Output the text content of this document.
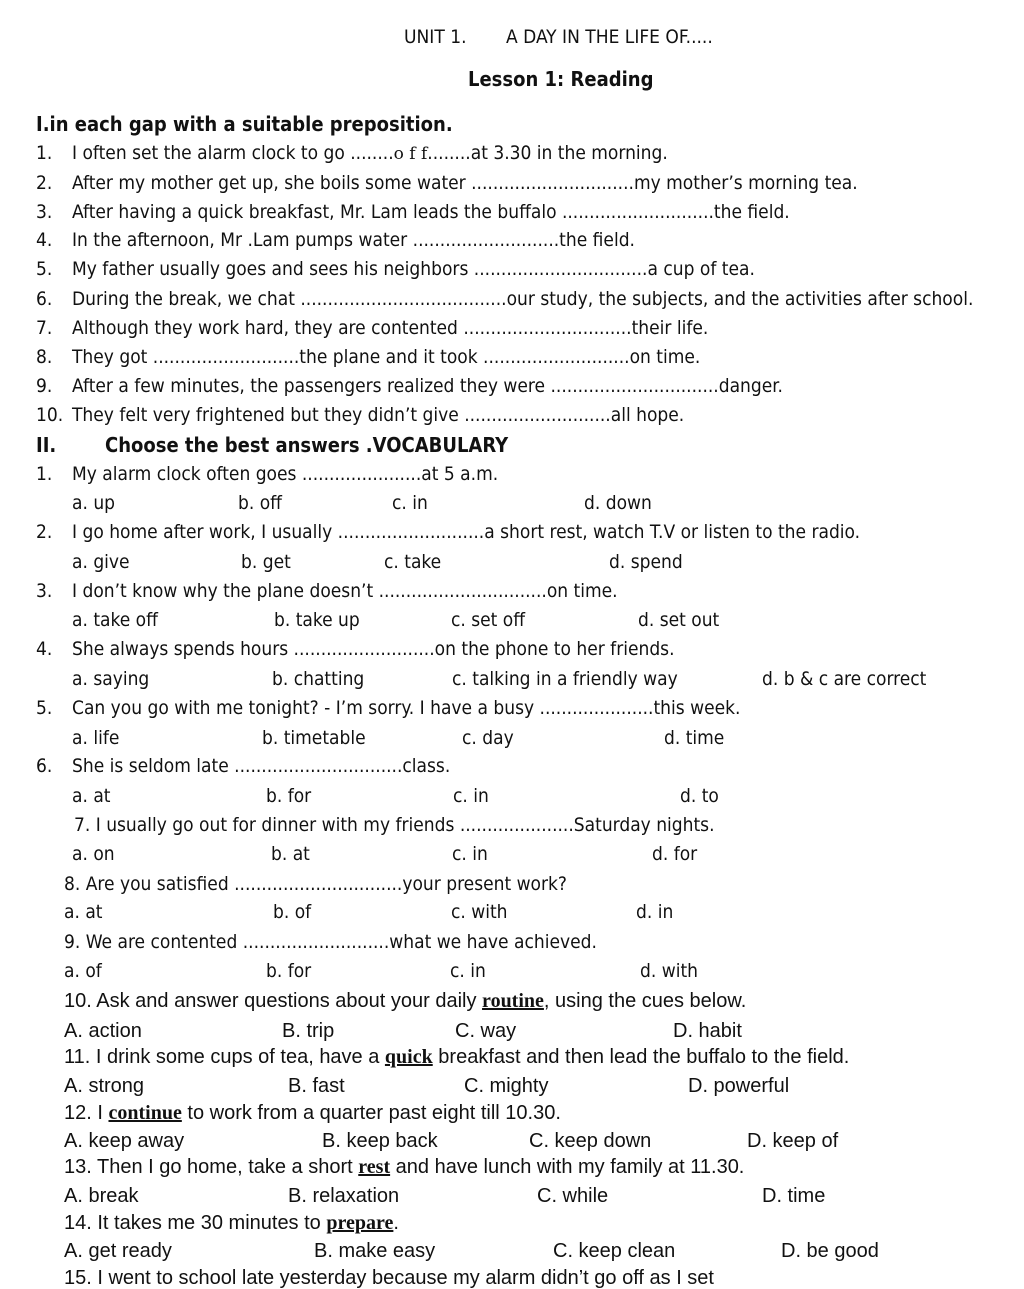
UNIT 1. A DAY IN THE LIFE OF.....
Lesson 1: Reading
I.in each gap with a suitable preposition.
1. I often set the alarm clock to go ........o f f........at 3.30 in the morning.
2. After my mother get up, she boils some water ..............................my mother’s morning tea.
3. After having a quick breakfast, Mr. Lam leads the buffalo ............................the field.
4. In the afternoon, Mr .Lam pumps water ...........................the field.
5. My father usually goes and sees his neighbors ................................a cup of tea.
6. During the break, we chat ......................................our study, the subjects, and the activities after school.
7. Although they work hard, they are contented ...............................their life.
8. They got ...........................the plane and it took ...........................on time.
9. After a few minutes, the passengers realized they were ...............................danger.
10. They felt very frightened but they didn’t give ...........................all hope.
II. Choose the best answers .VOCABULARY
1. My alarm clock often goes ......................at 5 a.m.
a. up	b. off	c. in	d. down
2. I go home after work, I usually ...........................a short rest, watch T.V or listen to the radio.
a. give	b. get	c. take	d. spend
3. I don’t know why the plane doesn’t ...............................on time.
a. take off	b. take up	c. set off	d. set out
4. She always spends hours ..........................on the phone to her friends.
a. saying	b. chatting	c. talking in a friendly way	d. b & c are correct
5. Can you go with me tonight? - I’m sorry. I have a busy .....................this week.
a. life	b. timetable	c. day	d. time
6. She is seldom late ...............................class.
a. at	b. for	c. in	d. to
7. I usually go out for dinner with my friends .....................Saturday nights.
a. on	b. at	c. in	d. for
8. Are you satisfied ...............................your present work?
a. at	b. of	c. with	d. in
9. We are contented ...........................what we have achieved.
a. of	b. for	c. in	d. with
10. Ask and answer questions about your daily routine, using the cues below.
A. action	B. trip	C. way	D. habit
11. I drink some cups of tea, have a quick breakfast and then lead the buffalo to the field.
A. strong	B. fast	C. mighty	D. powerful
12. I continue to work from a quarter past eight till 10.30.
A. keep away	B. keep back	C. keep down	D. keep of
13. Then I go home, take a short rest and have lunch with my family at 11.30.
A. break	B. relaxation	C. while	D. time
14. It takes me 30 minutes to prepare.
A. get ready	B. make easy	C. keep clean	D. be good
15. I went to school late yesterday because my alarm didn’t go off as I set
